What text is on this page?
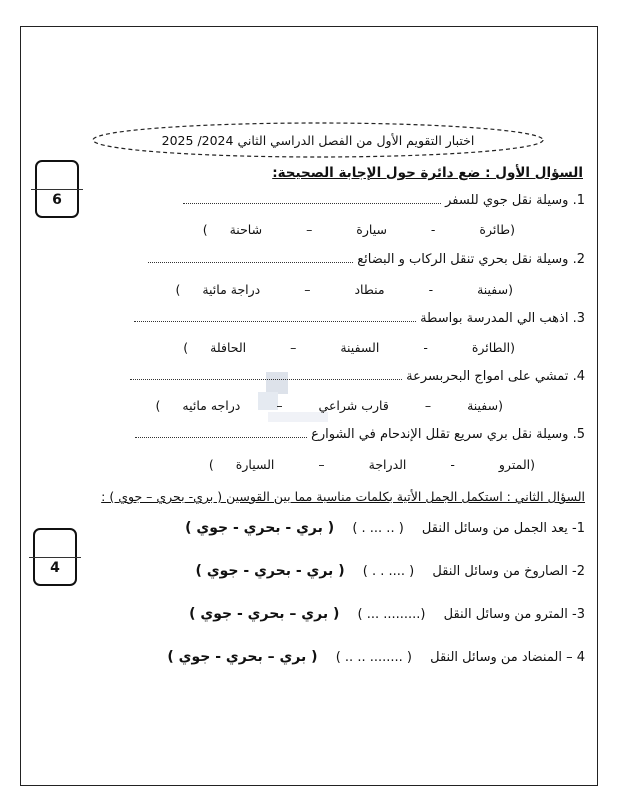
اختبار التقويم الأول من الفصل الدراسي الثاني 2024/ 2025
6
4
السؤال الأول : ضع دائرة حول الإجابة الصحيحة:
1. وسيلة نقل جوي للسفر
(طائرة - سيارة – شاحنة )
2. وسيلة نقل بحري تنقل الركاب و البضائع
(سفينة - منطاد – دراجة مائية )
3. اذهب الي المدرسة بواسطة
(الطائرة - السفينة – الحافلة )
4. تمشي على امواج البحربسرعة
(سفينة – قارب شراعي – دراجه مائيه )
5. وسيلة نقل بري سريع تقلل الإندحام في الشوارع
(المترو - الدراجة – السيارة )
السؤال الثاني : استكمل الجمل الأتية بكلمات مناسبة مما بين القوسين ( بري- بحري – جوي ) :
1- يعد الجمل من وسائل النقل ( .. ... . ) ( بري - بحري - جوي )
2- الصاروخ من وسائل النقل ( .... . . ) ( بري - بحري - جوي )
3- المترو من وسائل النقل (......... ... ) ( بري – بحري - جوي )
4 – المنضاد من وسائل النقل ( ........ .. .. ) ( بري – بحري - جوي )
